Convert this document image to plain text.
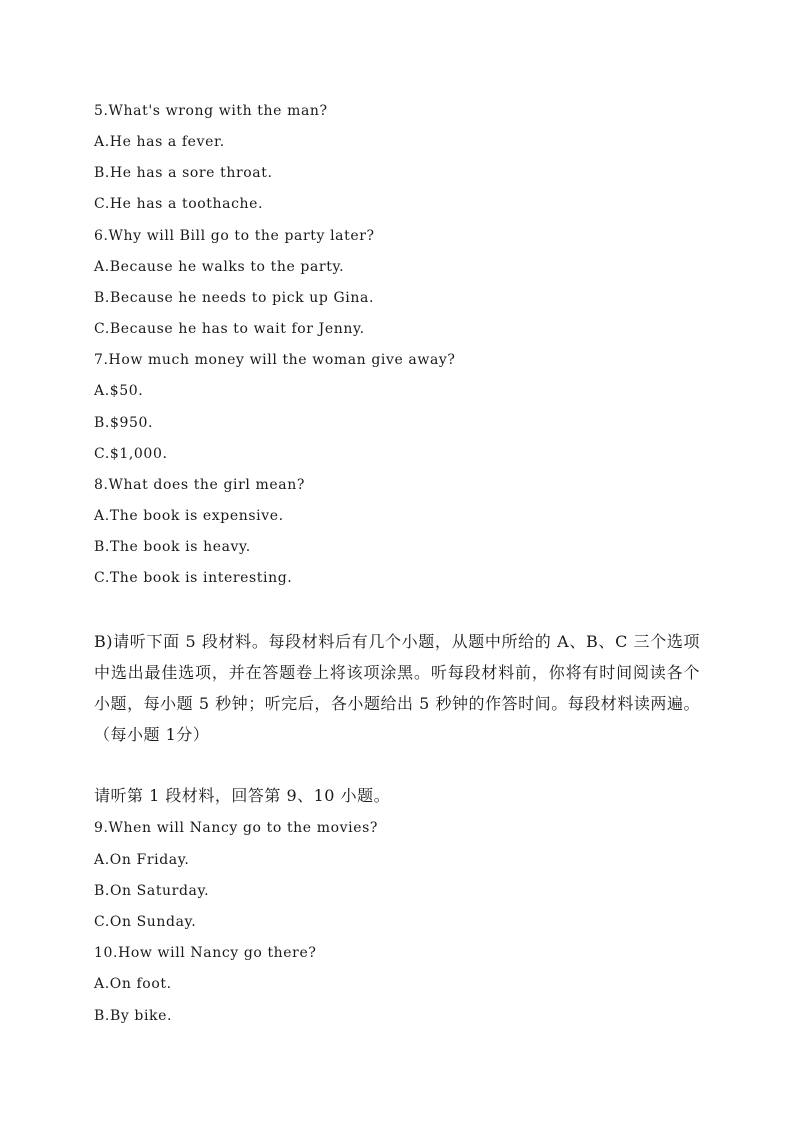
5.What's wrong with the man?
A.He has a fever.
B.He has a sore throat.
C.He has a toothache.
6.Why will Bill go to the party later?
A.Because he walks to the party.
B.Because he needs to pick up Gina.
C.Because he has to wait for Jenny.
7.How much money will the woman give away?
A.$50.
B.$950.
C.$1,000.
8.What does the girl mean?
A.The book is expensive.
B.The book is heavy.
C.The book is interesting.
B)请听下面 5 段材料。每段材料后有几个小题，从题中所给的 A、B、C 三个选项中选出最佳选项，并在答题卷上将该项涂黑。听每段材料前，你将有时间阅读各个小题，每小题 5 秒钟；听完后，各小题给出 5 秒钟的作答时间。每段材料读两遍。（每小题 1分）
请听第 1 段材料，回答第 9、10 小题。
9.When will Nancy go to the movies?
A.On Friday.
B.On Saturday.
C.On Sunday.
10.How will Nancy go there?
A.On foot.
B.By bike.
